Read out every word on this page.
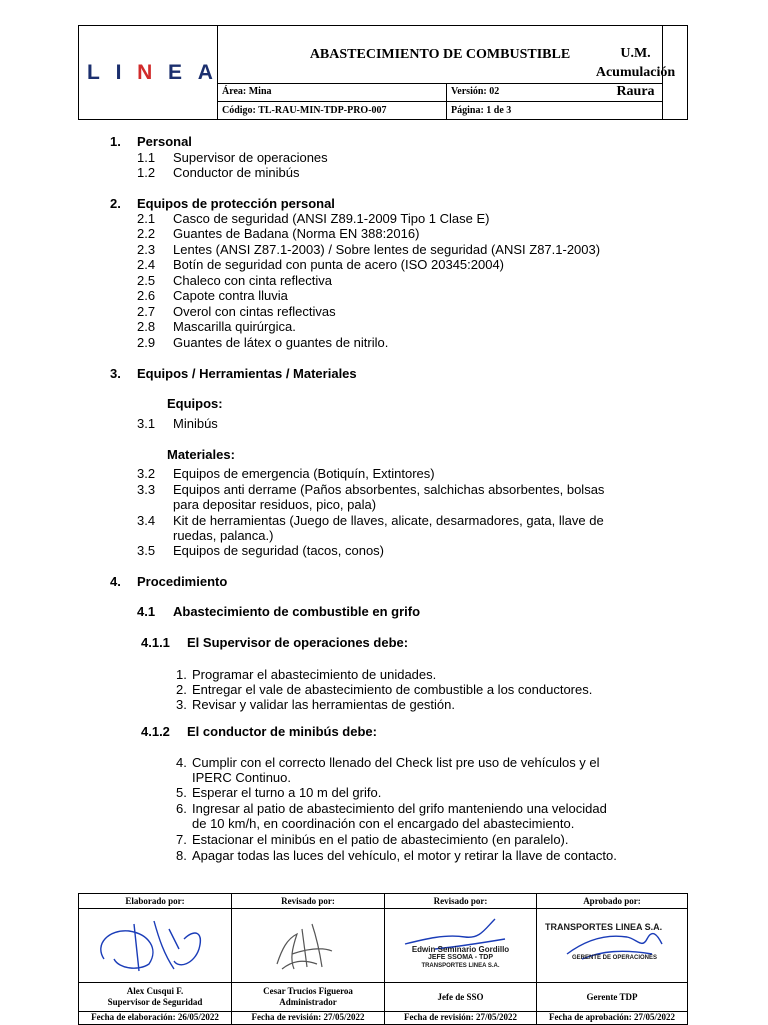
L I N E A
ABASTECIMIENTO DE COMBUSTIBLE
Área: Mina	Versión: 02
Código: TL-RAU-MIN-TDP-PRO-007	Página: 1 de 3
U.M.
Acumulación
Raura
1. Personal
1.1 Supervisor de operaciones
1.2 Conductor de minibús
2. Equipos de protección personal
2.1 Casco de seguridad (ANSI Z89.1-2009 Tipo 1 Clase E)
2.2 Guantes de Badana (Norma EN 388:2016)
2.3 Lentes (ANSI Z87.1-2003) / Sobre lentes de seguridad (ANSI Z87.1-2003)
2.4 Botín de seguridad con punta de acero (ISO 20345:2004)
2.5 Chaleco con cinta reflectiva
2.6 Capote contra lluvia
2.7 Overol con cintas reflectivas
2.8 Mascarilla quirúrgica.
2.9 Guantes de látex o guantes de nitrilo.
3. Equipos / Herramientas / Materiales
Equipos:
3.1 Minibús
Materiales:
3.2 Equipos de emergencia (Botiquín, Extintores)
3.3 Equipos anti derrame (Paños absorbentes, salchichas absorbentes, bolsas
para depositar residuos, pico, pala)
3.4 Kit de herramientas (Juego de llaves, alicate, desarmadores, gata, llave de
ruedas, palanca.)
3.5 Equipos de seguridad (tacos, conos)
4. Procedimiento
4.1 Abastecimiento de combustible en grifo
4.1.1 El Supervisor de operaciones debe:
1. Programar el abastecimiento de unidades.
2. Entregar el vale de abastecimiento de combustible a los conductores.
3. Revisar y validar las herramientas de gestión.
4.1.2 El conductor de minibús debe:
4. Cumplir con el correcto llenado del Check list pre uso de vehículos y el
IPERC Continuo.
5. Esperar el turno a 10 m del grifo.
6. Ingresar al patio de abastecimiento del grifo manteniendo una velocidad
de 10 km/h, en coordinación con el encargado del abastecimiento.
7. Estacionar el minibús en el patio de abastecimiento (en paralelo).
8. Apagar todas las luces del vehículo, el motor y retirar la llave de contacto.
Elaborado por:
Alex Cusqui F.
Supervisor de Seguridad
Fecha de elaboración: 26/05/2022
Revisado por:
Cesar Trucios Figueroa
Administrador
Fecha de revisión: 27/05/2022
Revisado por:
Edwin Seminario Gordillo
JEFE SSOMA - TDP
TRANSPORTES LINEA S.A.
Jefe de SSO
Fecha de revisión: 27/05/2022
Aprobado por:
TRANSPORTES LINEA S.A.
GERENTE DE OPERACIONES
Gerente TDP
Fecha de aprobación: 27/05/2022
